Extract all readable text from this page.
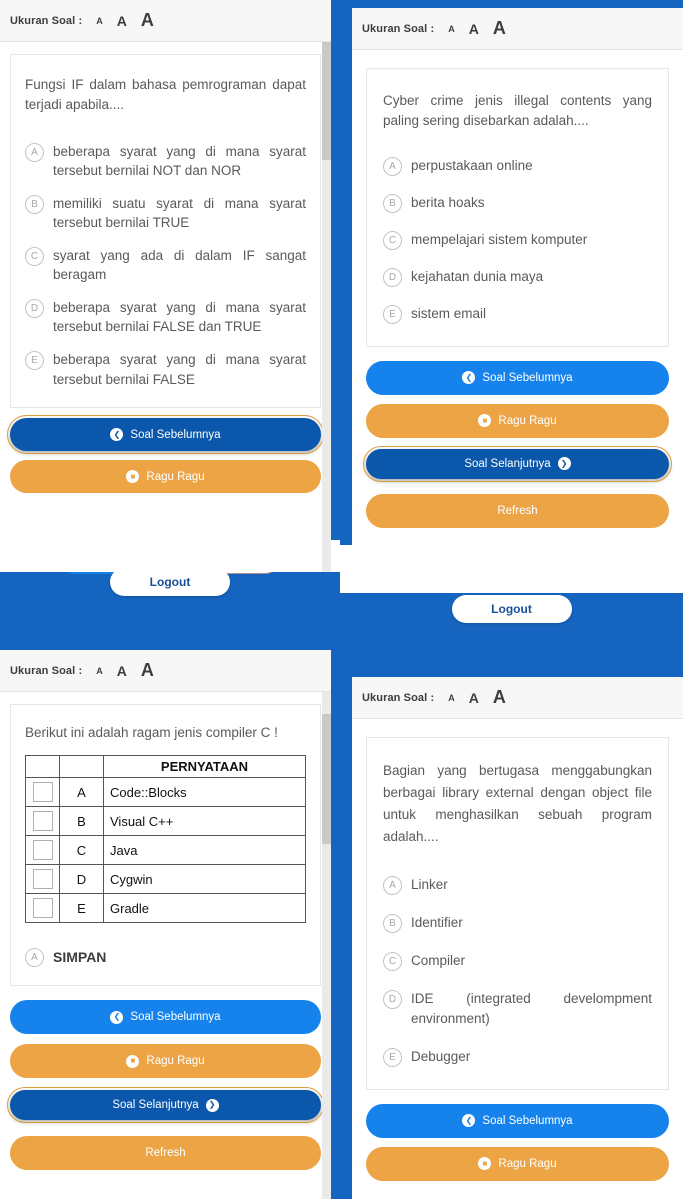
Logout
Ukuran Soal : A A A
Fungsi IF dalam bahasa pemrograman dapat terjadi apabila....
A	beberapa syarat yang di mana syarat tersebut bernilai NOT dan NOR
B	memiliki suatu syarat di mana syarat tersebut bernilai TRUE
C	syarat yang ada di dalam IF sangat beragam
D	beberapa syarat yang di mana syarat tersebut bernilai FALSE dan TRUE
E	beberapa syarat yang di mana syarat tersebut bernilai FALSE
❮ Soal Sebelumnya
■ Ragu Ragu
Logout
Ukuran Soal : A A A
Cyber crime jenis illegal contents yang paling sering disebarkan adalah....
A	perpustakaan online
B	berita hoaks
C	mempelajari sistem komputer
D	kejahatan dunia maya
E	sistem email
❮ Soal Sebelumnya
■ Ragu Ragu
Soal Selanjutnya	❯
Refresh
Ukuran Soal : A A A
Berikut ini adalah ragam jenis compiler C !
		PERNYATAAN
	A	Code::Blocks
	B	Visual C++
	C	Java
	D	Cygwin
	E	Gradle
A	SIMPAN
❮ Soal Sebelumnya
■ Ragu Ragu
Soal Selanjutnya	❯
Refresh
Ukuran Soal : A A A
Bagian yang bertugasa menggabungkan berbagai library external dengan object file untuk menghasilkan sebuah program adalah....
A	Linker
B	Identifier
C	Compiler
D	IDE (integrated develompment environment)
E	Debugger
❮ Soal Sebelumnya
■ Ragu Ragu
